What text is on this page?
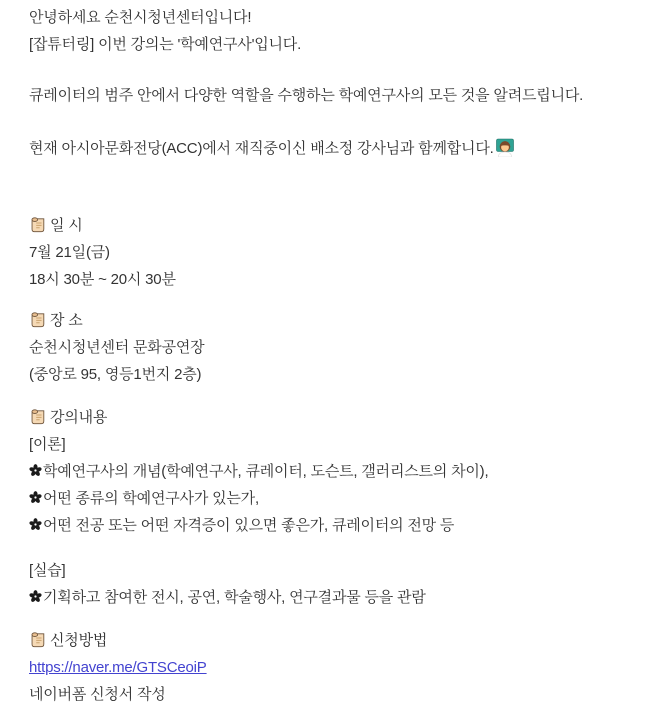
안녕하세요 순천시청년센터입니다!
[잡튜터링] 이번 강의는 '학예연구사'입니다.
큐레이터의 범주 안에서 다양한 역할을 수행하는 학예연구사의 모든 것을 알려드립니다.
현재 아시아문화전당(ACC)에서 재직중이신 배소정 강사님과 함께합니다.
일 시
7월 21일(금)
18시 30분 ~ 20시 30분
장 소
순천시청년센터 문화공연장
(중앙로 95, 영등1번지 2층)
강의내용
[이론]
학예연구사의 개념(학예연구사, 큐레이터, 도슨트, 갤러리스트의 차이),
어떤 종류의 학예연구사가 있는가,
어떤 전공 또는 어떤 자격증이 있으면 좋은가, 큐레이터의 전망 등
[실습]
기획하고 참여한 전시, 공연, 학술행사, 연구결과물 등을 관람
신청방법
https://naver.me/GTSCeoiP
네이버폼 신청서 작성
